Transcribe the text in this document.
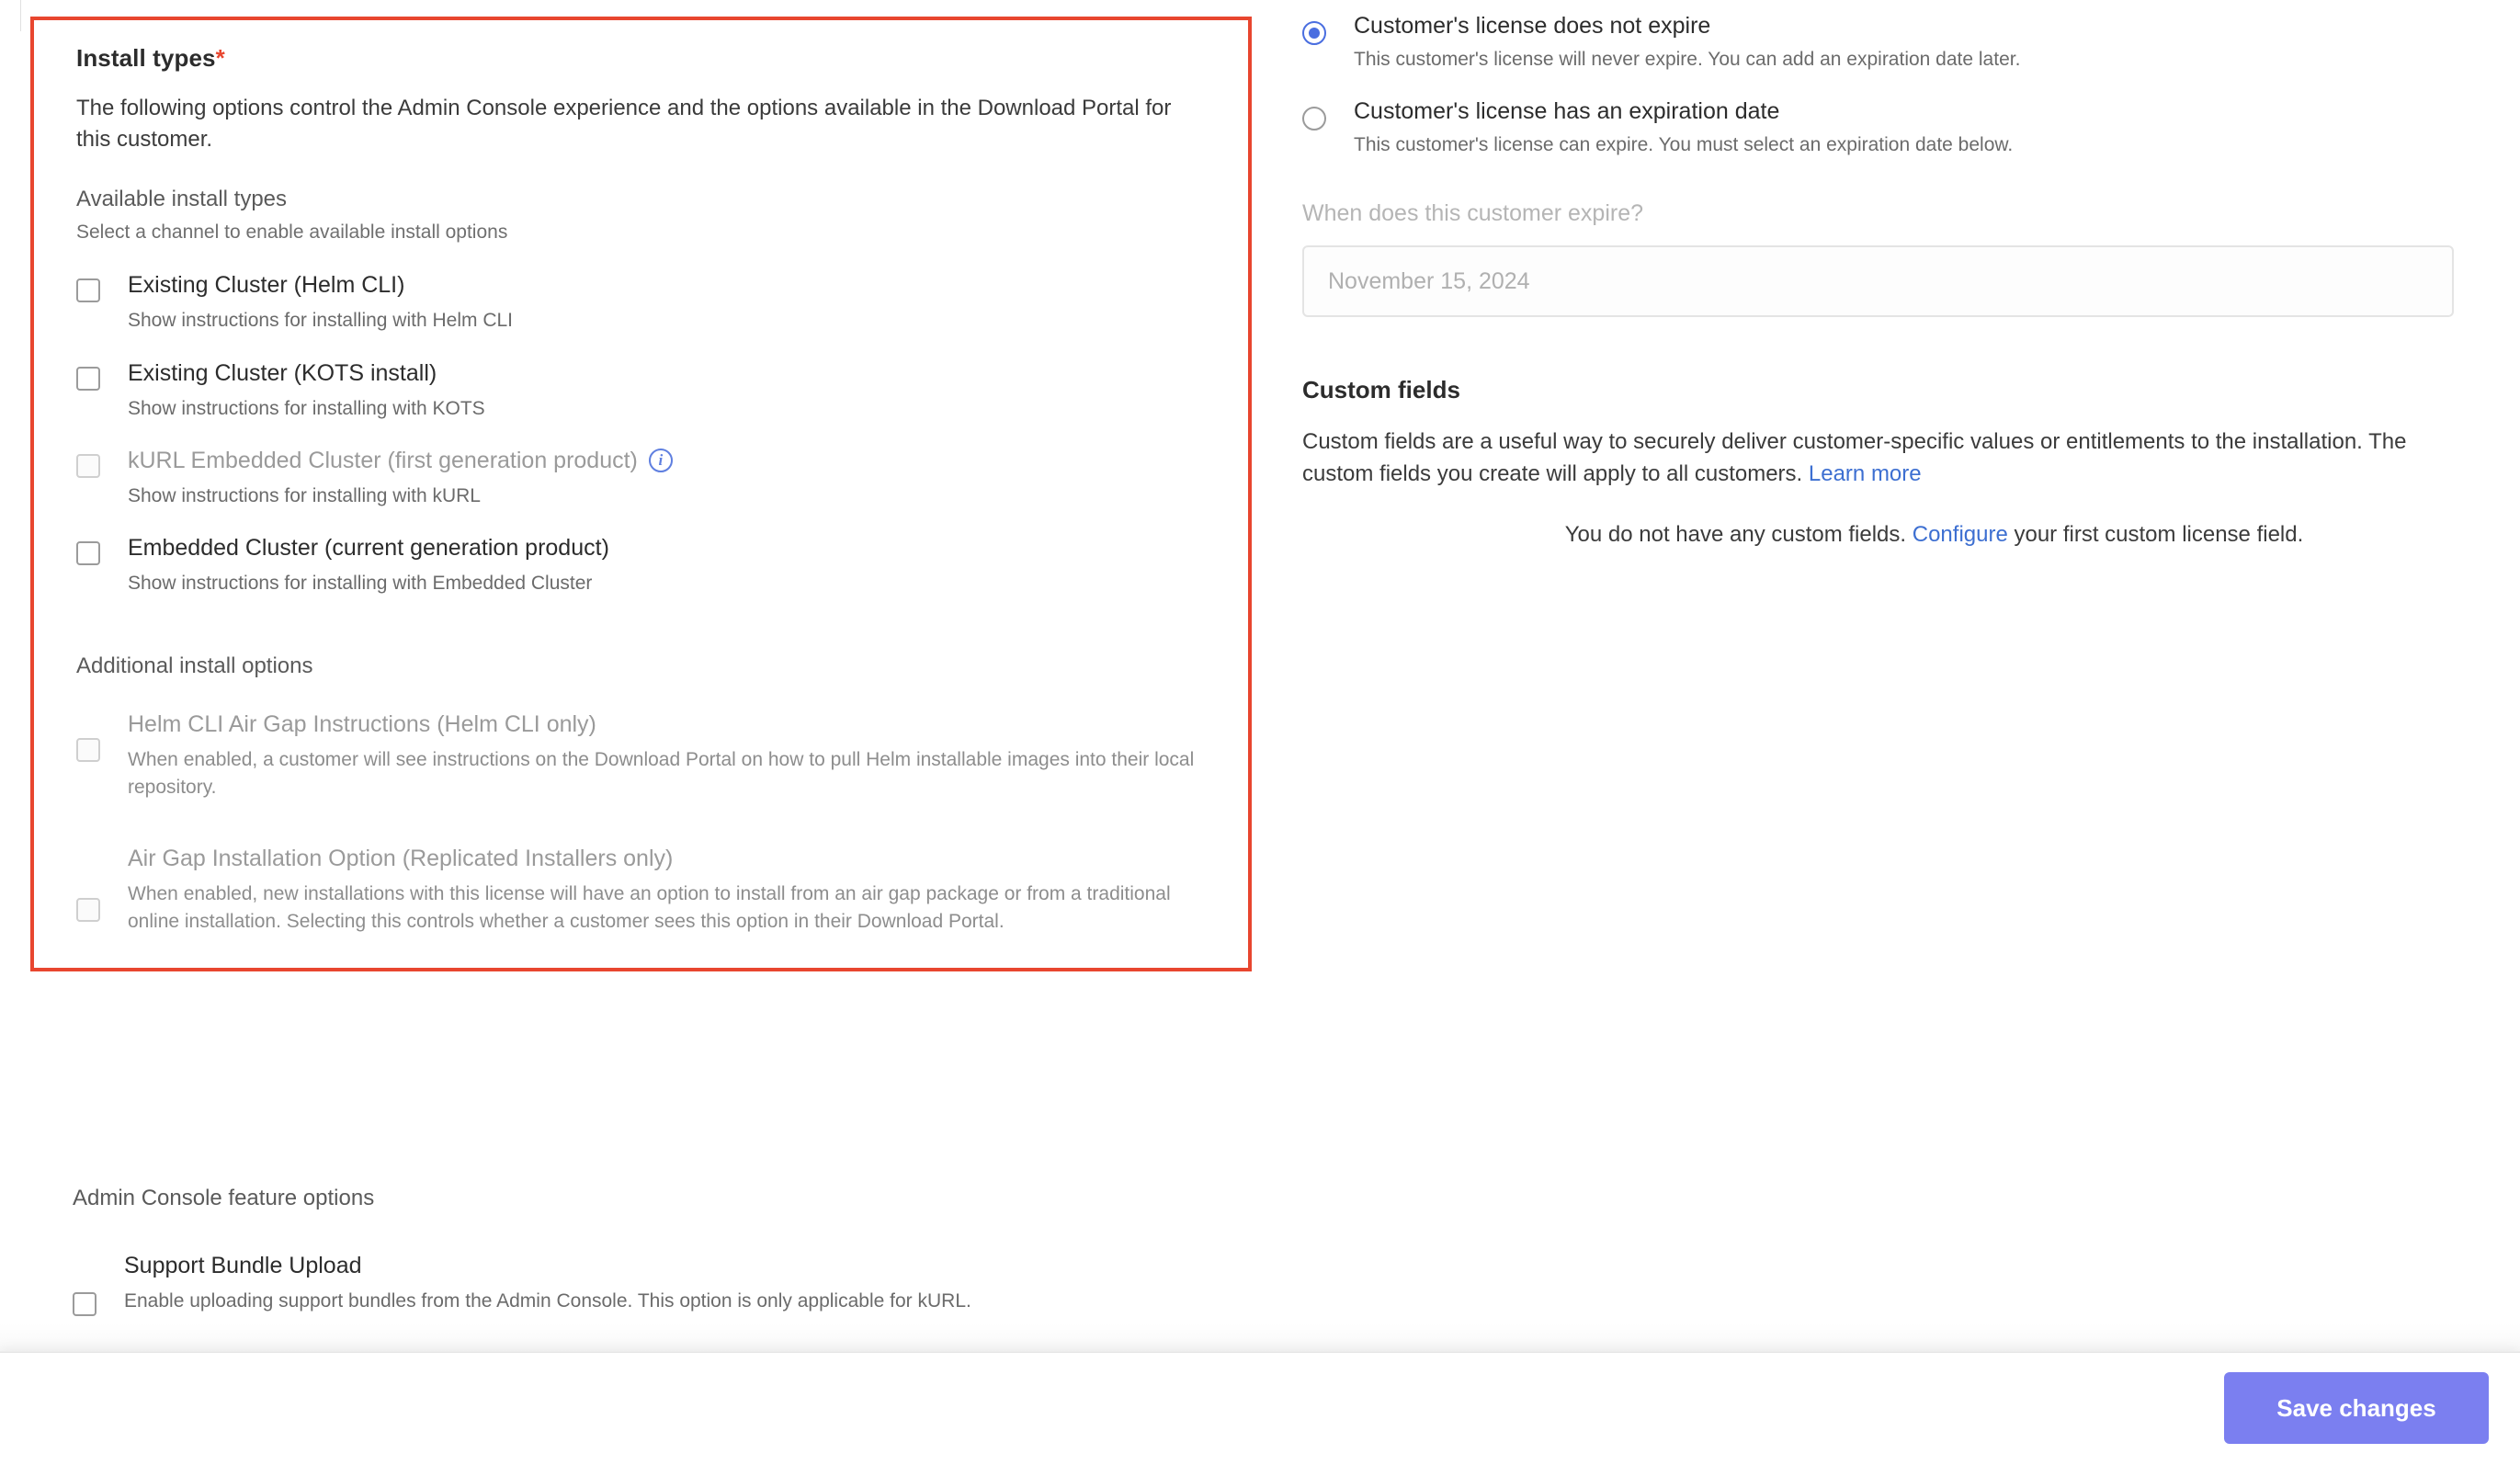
Install types*

The following options control the Admin Console experience and the options available in the Download Portal for this customer.

Available install types
Select a channel to enable available install options
Existing Cluster (Helm CLI)
Show instructions for installing with Helm CLI
Existing Cluster (KOTS install)
Show instructions for installing with KOTS
kURL Embedded Cluster (first generation product)	i
Show instructions for installing with kURL
Embedded Cluster (current generation product)
Show instructions for installing with Embedded Cluster
Additional install options
Helm CLI Air Gap Instructions (Helm CLI only)
When enabled, a customer will see instructions on the Download Portal on how to pull Helm installable images into their local repository.
Air Gap Installation Option (Replicated Installers only)
When enabled, new installations with this license will have an option to install from an air gap package or from a traditional online installation. Selecting this controls whether a customer sees this option in their Download Portal.
Admin Console feature options
Support Bundle Upload
Enable uploading support bundles from the Admin Console. This option is only applicable for kURL.
Customer's license does not expire
This customer's license will never expire. You can add an expiration date later.
Customer's license has an expiration date
This customer's license can expire. You must select an expiration date below.
When does this customer expire?
November 15, 2024
Custom fields

Custom fields are a useful way to securely deliver customer-specific values or entitlements to the installation. The custom fields you create will apply to all customers. Learn more

You do not have any custom fields. Configure your first custom license field.
Save changes
